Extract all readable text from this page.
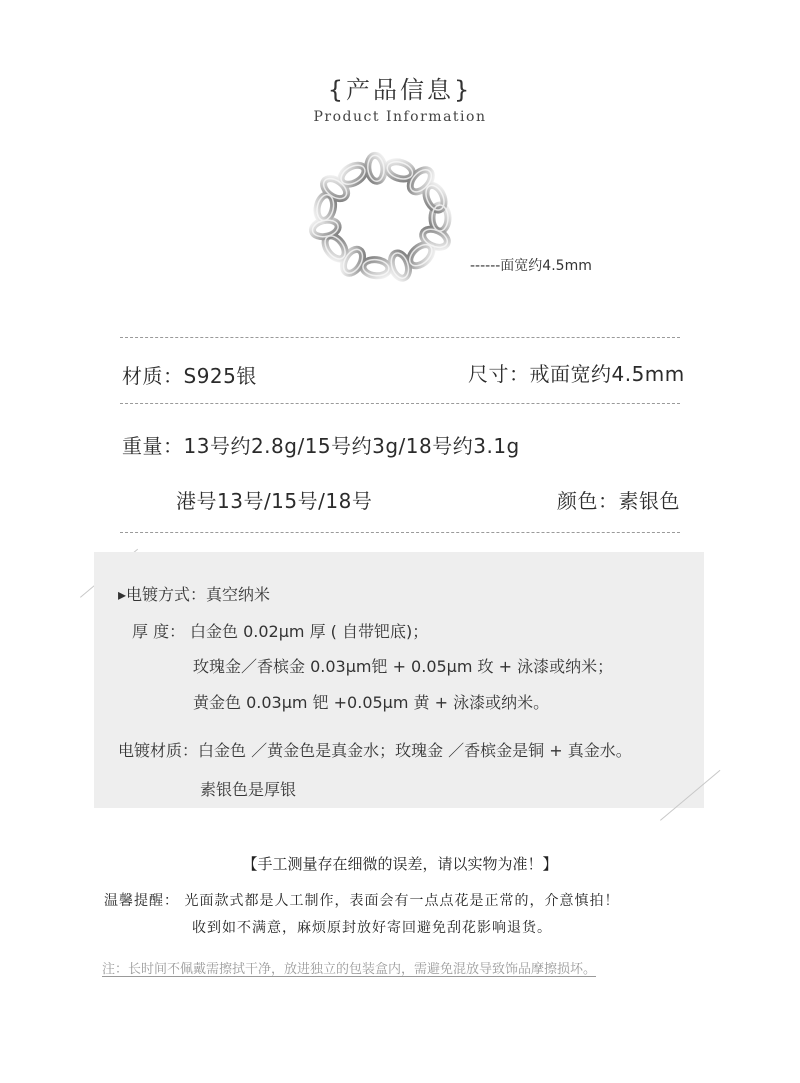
{产品信息}
Product Information
------面宽约4.5mm
材质：S925银	尺寸：戒面宽约4.5mm
重量：13号约2.8g/15号约3g/18号约3.1g
港号13号/15号/18号	颜色：素银色
▸电镀方式：真空纳米
厚 度： 白金色 0.02μm 厚 ( 自带钯底)；
玫瑰金／香槟金 0.03μm钯 + 0.05μm 玫 + 泳漆或纳米；
黄金色 0.03μm 钯 +0.05μm 黄 + 泳漆或纳米。
电镀材质：白金色 ／黄金色是真金水；玫瑰金 ／香槟金是铜 + 真金水。
素银色是厚银
【手工测量存在细微的误差，请以实物为准！】
温馨提醒： 光面款式都是人工制作，表面会有一点点花是正常的，介意慎拍！
收到如不满意，麻烦原封放好寄回避免刮花影响退货。
注：长时间不佩戴需擦拭干净，放进独立的包装盒内，需避免混放导致饰品摩擦损坏。
